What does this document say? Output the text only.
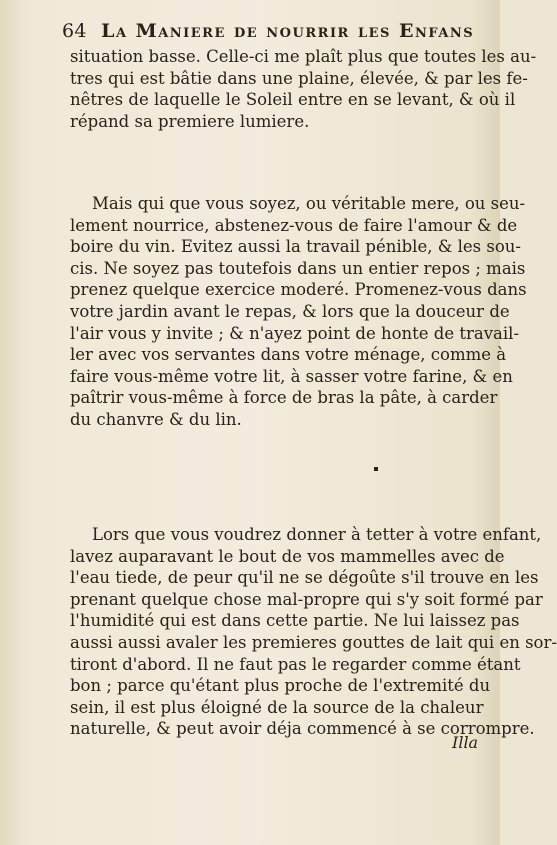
64 La Maniere de nourrir les Enfans

situation basse. Celle-ci me plaît plus que toutes les au-
tres qui est bâtie dans une plaine, élevée, & par les fe-
nêtres de laquelle le Soleil entre en se levant, & où il
répand sa premiere lumiere.

Mais qui que vous soyez, ou véritable mere, ou seu-
lement nourrice, abstenez-vous de faire l'amour & de
boire du vin. Evitez aussi la travail pénible, & les sou-
cis. Ne soyez pas toutefois dans un entier repos ; mais
prenez quelque exercice moderé. Promenez-vous dans
votre jardin avant le repas, & lors que la douceur de
l'air vous y invite ; & n'ayez point de honte de travail-
ler avec vos servantes dans votre ménage, comme à
faire vous-même votre lit, à sasser votre farine, & en
paîtrir vous-même à force de bras la pâte, à carder
du chanvre & du lin.

Lors que vous voudrez donner à tetter à votre enfant,
lavez auparavant le bout de vos mammelles avec de
l'eau tiede, de peur qu'il ne se dégoûte s'il trouve en les
prenant quelque chose mal-propre qui s'y soit formé par
l'humidité qui est dans cette partie. Ne lui laissez pas
aussi aussi avaler les premieres gouttes de lait qui en sor-
tiront d'abord. Il ne faut pas le regarder comme étant
bon ; parce qu'étant plus proche de l'extremité du
sein, il est plus éloigné de la source de la chaleur
naturelle, & peut avoir déja commencé à se corrompre.

Illa
